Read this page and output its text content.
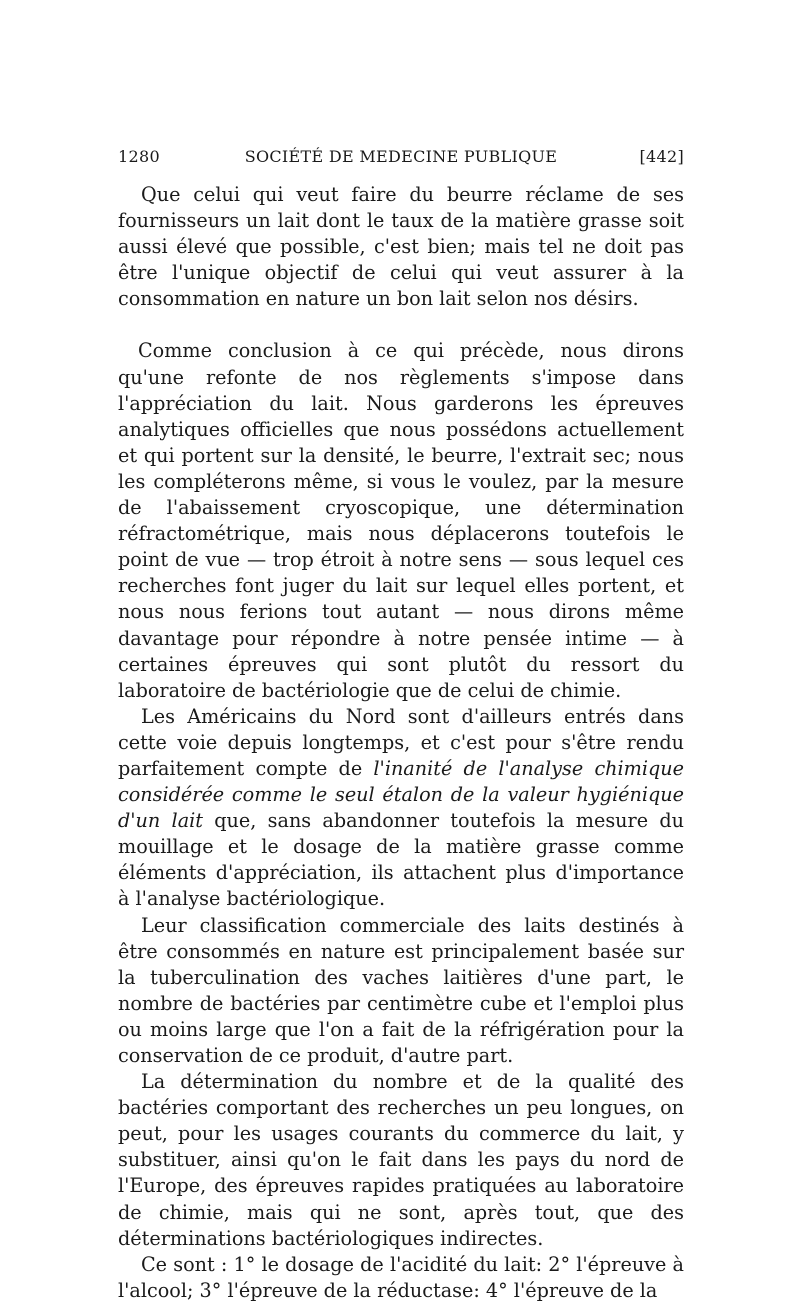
1280	SOCIÉTÉ DE MEDECINE PUBLIQUE	[442]

Que celui qui veut faire du beurre réclame de ses fournisseurs un lait dont le taux de la matière grasse soit aussi élevé que possible, c'est bien; mais tel ne doit pas être l'unique objectif de celui qui veut assurer à la consommation en nature un bon lait selon nos désirs.

Comme conclusion à ce qui précède, nous dirons qu'une refonte de nos règlements s'impose dans l'appréciation du lait. Nous garderons les épreuves analytiques officielles que nous possédons actuellement et qui portent sur la densité, le beurre, l'extrait sec; nous les compléterons même, si vous le voulez, par la mesure de l'abaissement cryoscopique, une détermination réfractométrique, mais nous déplacerons toutefois le point de vue — trop étroit à notre sens — sous lequel ces recherches font juger du lait sur lequel elles portent, et nous nous ferions tout autant — nous dirons même davantage pour répondre à notre pensée intime — à certaines épreuves qui sont plutôt du ressort du laboratoire de bactériologie que de celui de chimie.

Les Américains du Nord sont d'ailleurs entrés dans cette voie depuis longtemps, et c'est pour s'être rendu parfaitement compte de l'inanité de l'analyse chimique considérée comme le seul étalon de la valeur hygiénique d'un lait que, sans abandonner toutefois la mesure du mouillage et le dosage de la matière grasse comme éléments d'appréciation, ils attachent plus d'importance à l'analyse bactériologique.

Leur classification commerciale des laits destinés à être consommés en nature est principalement basée sur la tuberculination des vaches laitières d'une part, le nombre de bactéries par centimètre cube et l'emploi plus ou moins large que l'on a fait de la réfrigération pour la conservation de ce produit, d'autre part.

La détermination du nombre et de la qualité des bactéries comportant des recherches un peu longues, on peut, pour les usages courants du commerce du lait, y substituer, ainsi qu'on le fait dans les pays du nord de l'Europe, des épreuves rapides pratiquées au laboratoire de chimie, mais qui ne sont, après tout, que des déterminations bactériologiques indirectes.

Ce sont : 1° le dosage de l'acidité du lait: 2° l'épreuve à l'alcool; 3° l'épreuve de la réductase: 4° l'épreuve de la
